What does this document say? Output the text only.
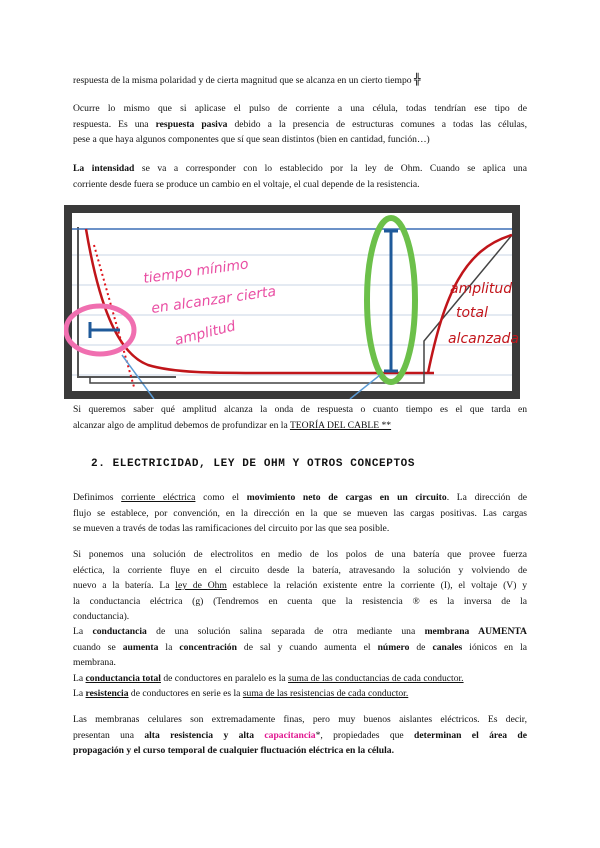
respuesta de la misma polaridad y de cierta magnitud que se alcanza en un cierto tiempo ╬

Ocurre lo mismo que si aplicase el pulso de corriente a una célula, todas tendrían ese tipo de
respuesta. Es una respuesta pasiva debido a la presencia de estructuras comunes a todas las células,
pese a que haya algunos componentes que sí que sean distintos (bien en cantidad, función…)

La intensidad se va a corresponder con lo establecido por la ley de Ohm. Cuando se aplica una
corriente desde fuera se produce un cambio en el voltaje, el cual depende de la resistencia.

tiempo mínimo
en alcanzar cierta
amplitud
amplitud
total
alcanzada

Si queremos saber qué amplitud alcanza la onda de respuesta o cuanto tiempo es el que tarda en
alcanzar algo de amplitud debemos de profundizar en la TEORÍA DEL CABLE **

2. ELECTRICIDAD, LEY DE OHM Y OTROS CONCEPTOS

Definimos corriente eléctrica como el movimiento neto de cargas en un circuito. La dirección de
flujo se establece, por convención, en la dirección en la que se mueven las cargas positivas. Las cargas
se mueven a través de todas las ramificaciones del circuito por las que sea posible.

Si ponemos una solución de electrolitos en medio de los polos de una batería que provee fuerza
eléctica, la corriente fluye en el circuito desde la batería, atravesando la solución y volviendo de
nuevo a la batería. La ley de Ohm establece la relación existente entre la corriente (I), el voltaje (V) y
la conductancia eléctrica (g) (Tendremos en cuenta que la resistencia ® es la inversa de la
conductancia).

La conductancia de una solución salina separada de otra mediante una membrana AUMENTA
cuando se aumenta la concentración de sal y cuando aumenta el número de canales iónicos en la
membrana.
La conductancia total de conductores en paralelo es la suma de las conductancias de cada conductor.
La resistencia de conductores en serie es la suma de las resistencias de cada conductor.

Las membranas celulares son extremadamente finas, pero muy buenos aislantes eléctricos. Es decir,
presentan una alta resistencia y alta capacitancia*, propiedades que determinan el área de
propagación y el curso temporal de cualquier fluctuación eléctrica en la célula.
